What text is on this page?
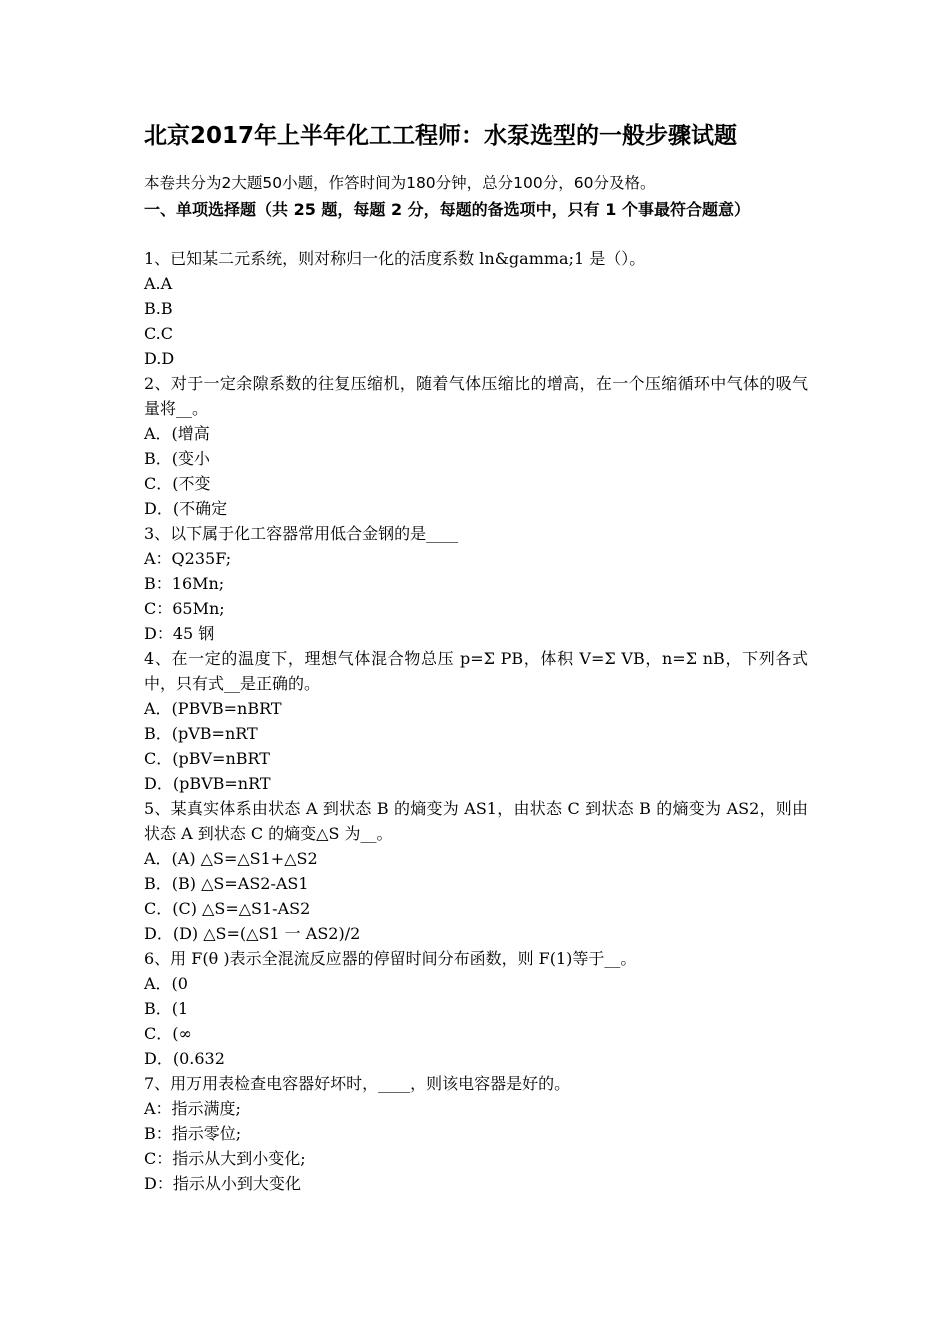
北京2017年上半年化工工程师：水泵选型的一般步骤试题
本卷共分为2大题50小题，作答时间为180分钟，总分100分，60分及格。
一、单项选择题（共 25 题，每题 2 分，每题的备选项中，只有 1 个事最符合题意）
1、已知某二元系统，则对称归一化的活度系数 ln&gamma;1 是（）。
A.A
B.B
C.C
D.D
2、对于一定余隙系数的往复压缩机，随着气体压缩比的增高，在一个压缩循环中气体的吸气量将__。
A．(增高
B．(变小
C．(不变
D．(不确定
3、以下属于化工容器常用低合金钢的是____
A：Q235F;
B：16Mn;
C：65Mn;
D：45 钢
4、在一定的温度下，理想气体混合物总压 p=Σ PB，体积 V=Σ VB，n=Σ nB，下列各式中，只有式__是正确的。
A．(PBVB=nBRT
B．(pVB=nRT
C．(pBV=nBRT
D．(pBVB=nRT
5、某真实体系由状态 A 到状态 B 的熵变为 AS1，由状态 C 到状态 B 的熵变为 AS2，则由状态 A 到状态 C 的熵变△S 为__。
A．(A) △S=△S1+△S2
B．(B) △S=AS2-AS1
C．(C) △S=△S1-AS2
D．(D) △S=(△S1 一 AS2)/2
6、用 F(θ )表示全混流反应器的停留时间分布函数，则 F(1)等于__。
A．(0
B．(1
C．(∞
D．(0.632
7、用万用表检查电容器好坏时，____，则该电容器是好的。
A：指示满度;
B：指示零位;
C：指示从大到小变化;
D：指示从小到大变化
